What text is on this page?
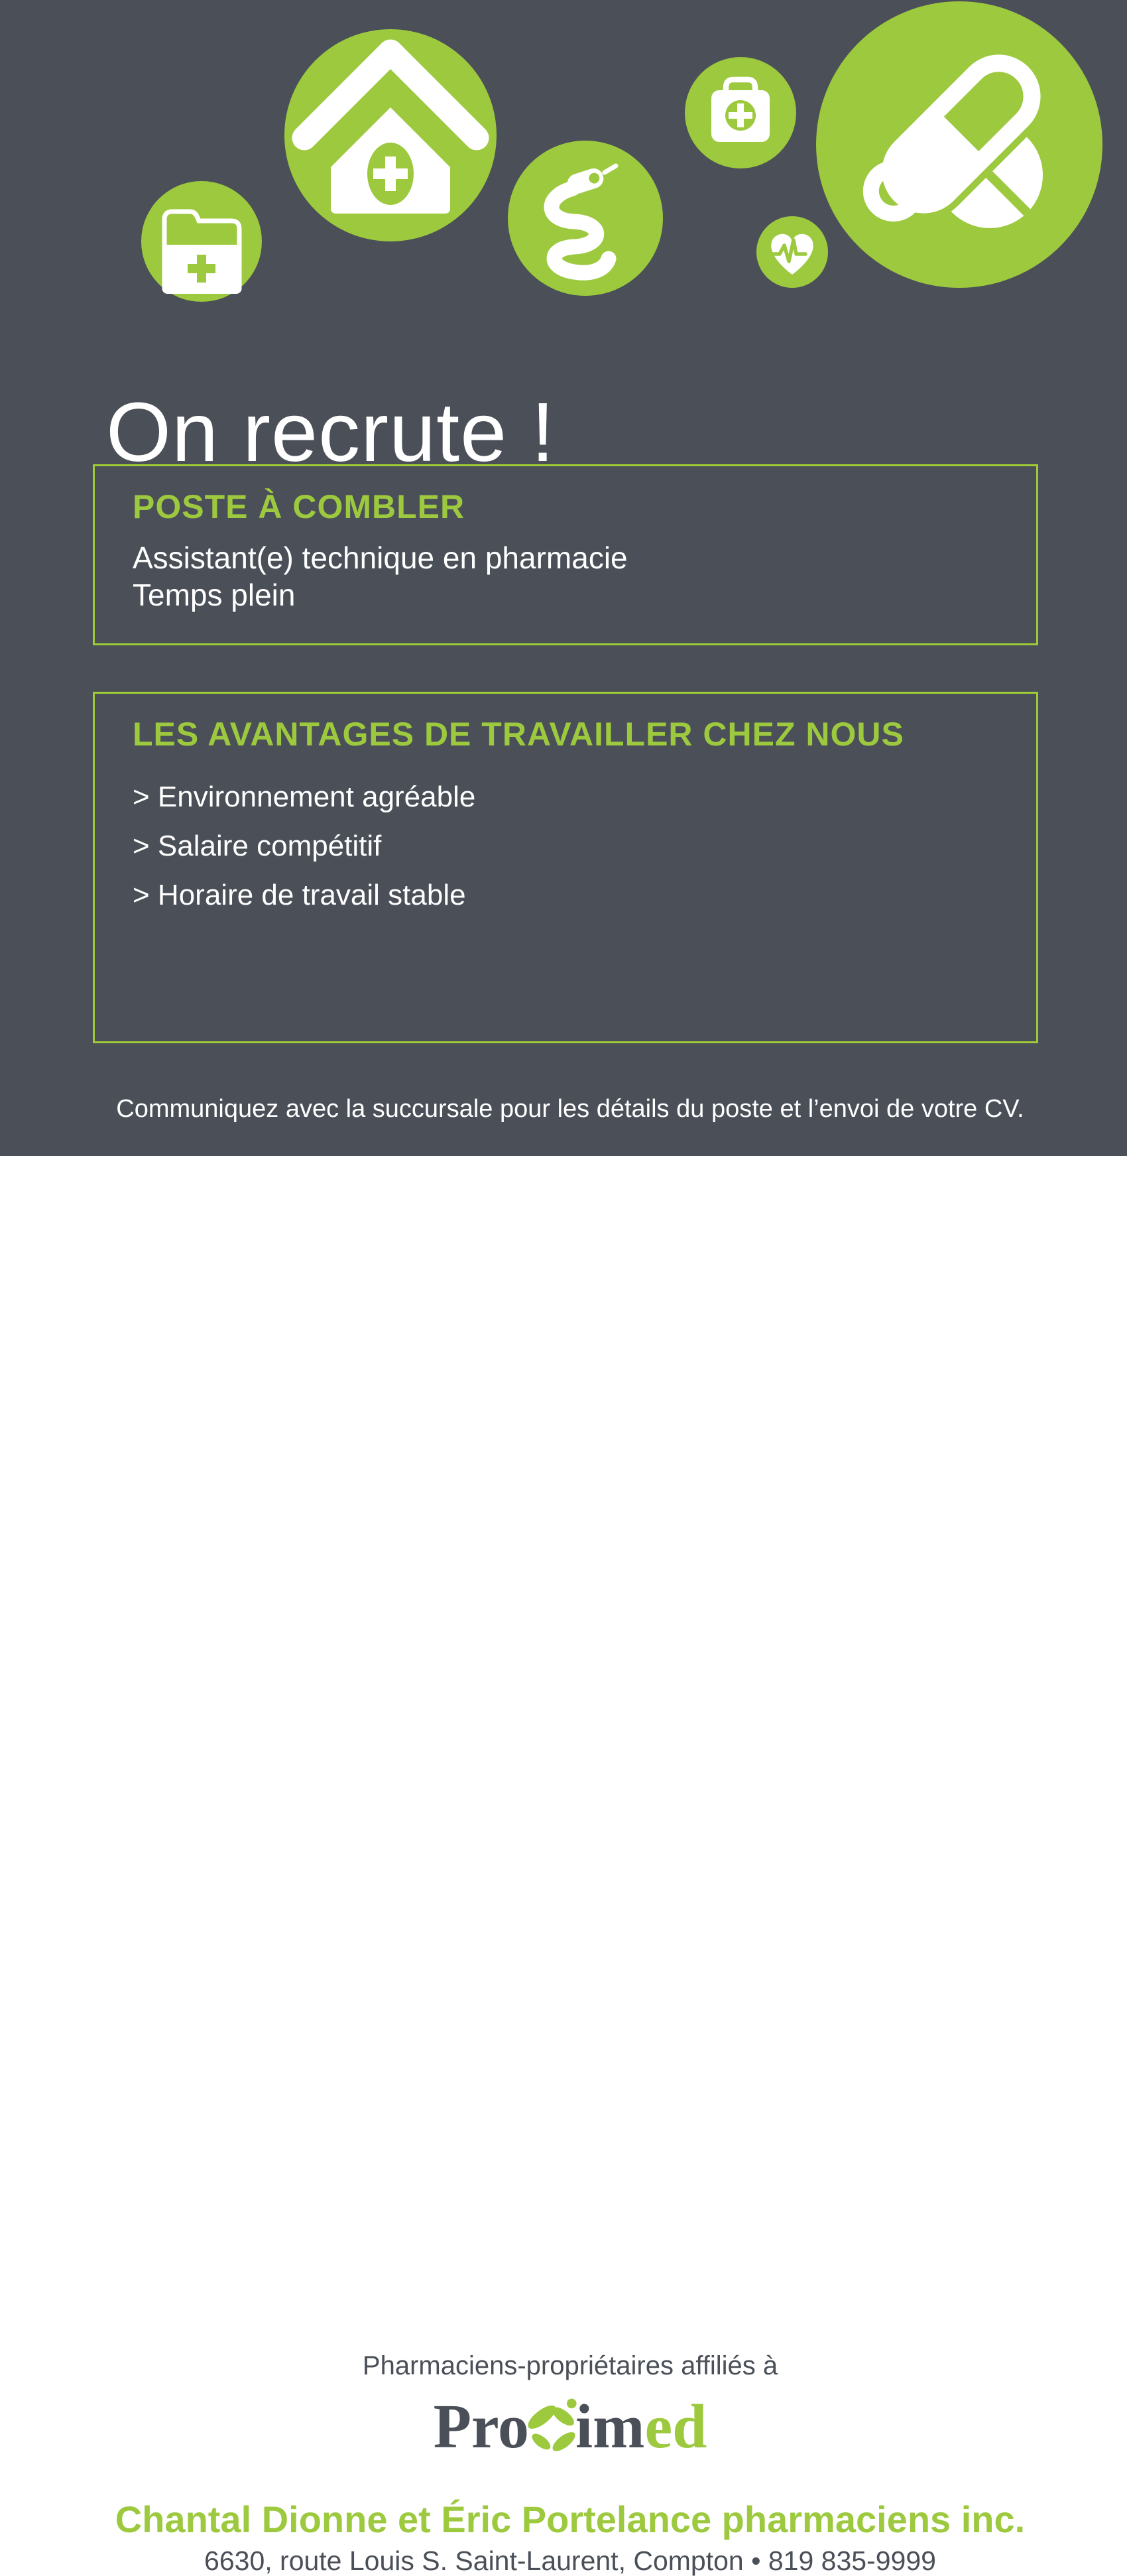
On recrute !
POSTE À COMBLER
Assistant(e) technique en pharmacie
Temps plein
LES AVANTAGES DE TRAVAILLER CHEZ NOUS
> Environnement agréable
> Salaire compétitif
> Horaire de travail stable
Communiquez avec la succursale pour les détails du poste et l’envoi de votre CV.
Pharmaciens-propriétaires affiliés à
Pro im ed
Chantal Dionne et Éric Portelance pharmaciens inc.
6630, route Louis S. Saint-Laurent, Compton • 819 835-9999
